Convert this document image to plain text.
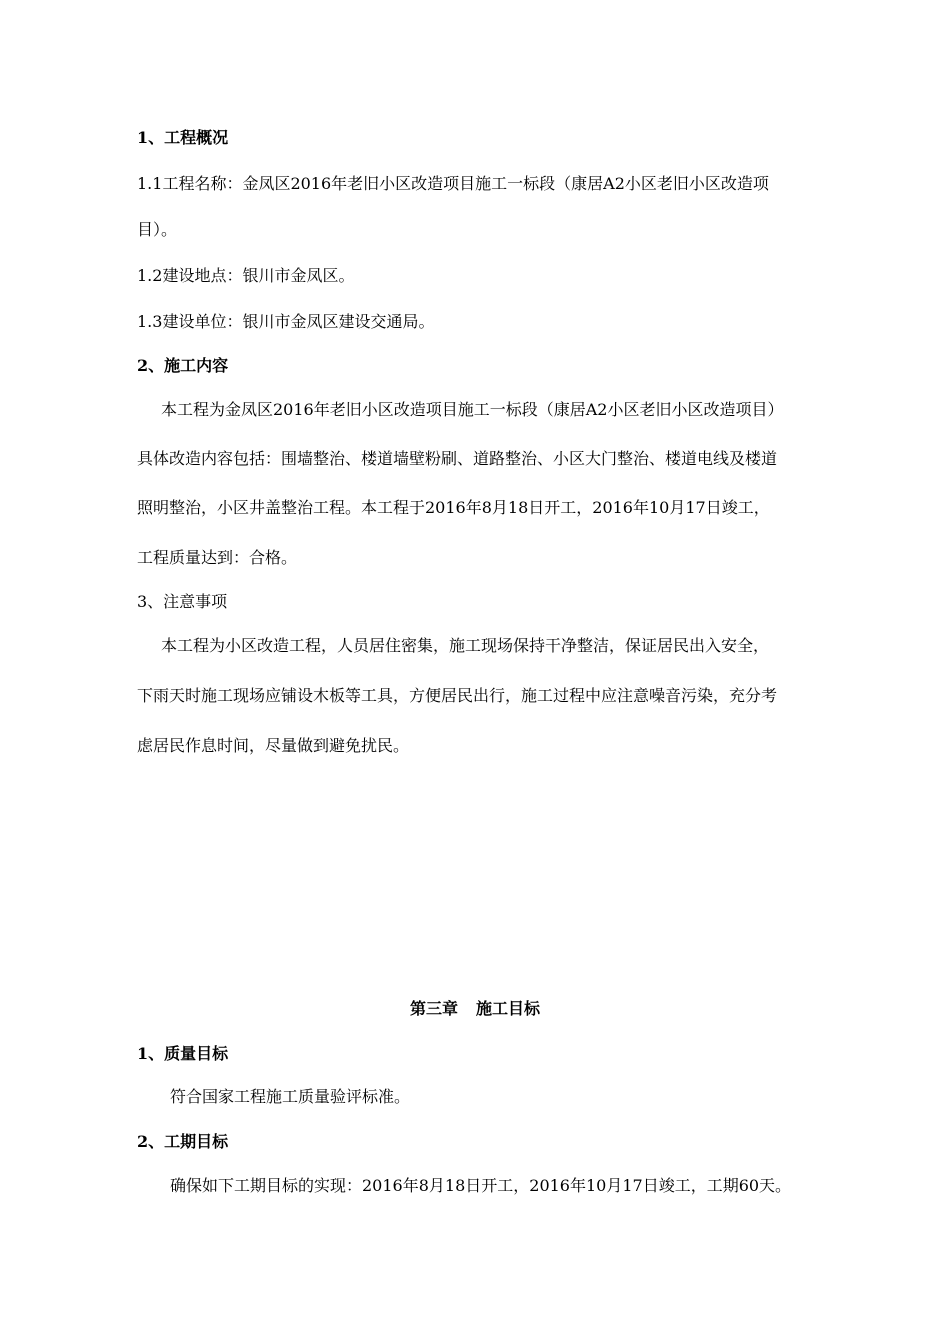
1、工程概况
1.1工程名称：金凤区2016年老旧小区改造项目施工一标段（康居A2小区老旧小区改造项
目）。
1.2建设地点：银川市金凤区。
1.3建设单位：银川市金凤区建设交通局。
2、施工内容
本工程为金凤区2016年老旧小区改造项目施工一标段（康居A2小区老旧小区改造项目）
具体改造内容包括：围墙整治、楼道墙壁粉刷、道路整治、小区大门整治、楼道电线及楼道
照明整治，小区井盖整治工程。本工程于2016年8月18日开工，2016年10月17日竣工，
工程质量达到：合格。
3、注意事项
本工程为小区改造工程，人员居住密集，施工现场保持干净整洁，保证居民出入安全，
下雨天时施工现场应铺设木板等工具，方便居民出行，施工过程中应注意噪音污染，充分考
虑居民作息时间，尽量做到避免扰民。
第三章 施工目标
1、质量目标
符合国家工程施工质量验评标准。
2、工期目标
确保如下工期目标的实现：2016年8月18日开工，2016年10月17日竣工，工期60天。
